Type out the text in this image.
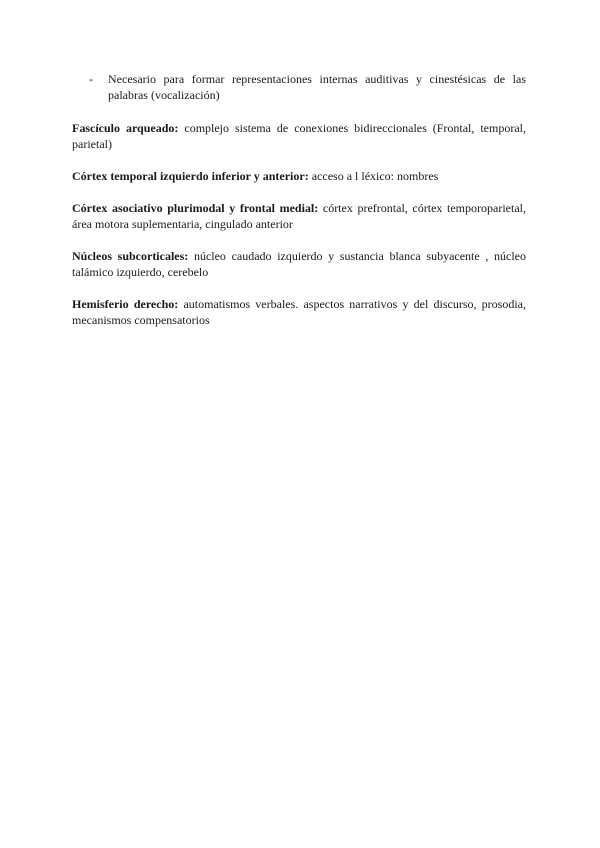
-	Necesario para formar representaciones internas auditivas y cinestésicas de las palabras (vocalización)

Fascículo arqueado: complejo sistema de conexiones bidireccionales (Frontal, temporal, parietal)

Córtex temporal izquierdo inferior y anterior: acceso a l léxico: nombres

Córtex asociativo plurimodal y frontal medial: córtex prefrontal, córtex temporoparietal, área motora suplementaria, cingulado anterior

Núcleos subcorticales: núcleo caudado izquierdo y sustancia blanca subyacente , núcleo talámico izquierdo, cerebelo

Hemisferio derecho: automatismos verbales. aspectos narrativos y del discurso, prosodia, mecanismos compensatorios
